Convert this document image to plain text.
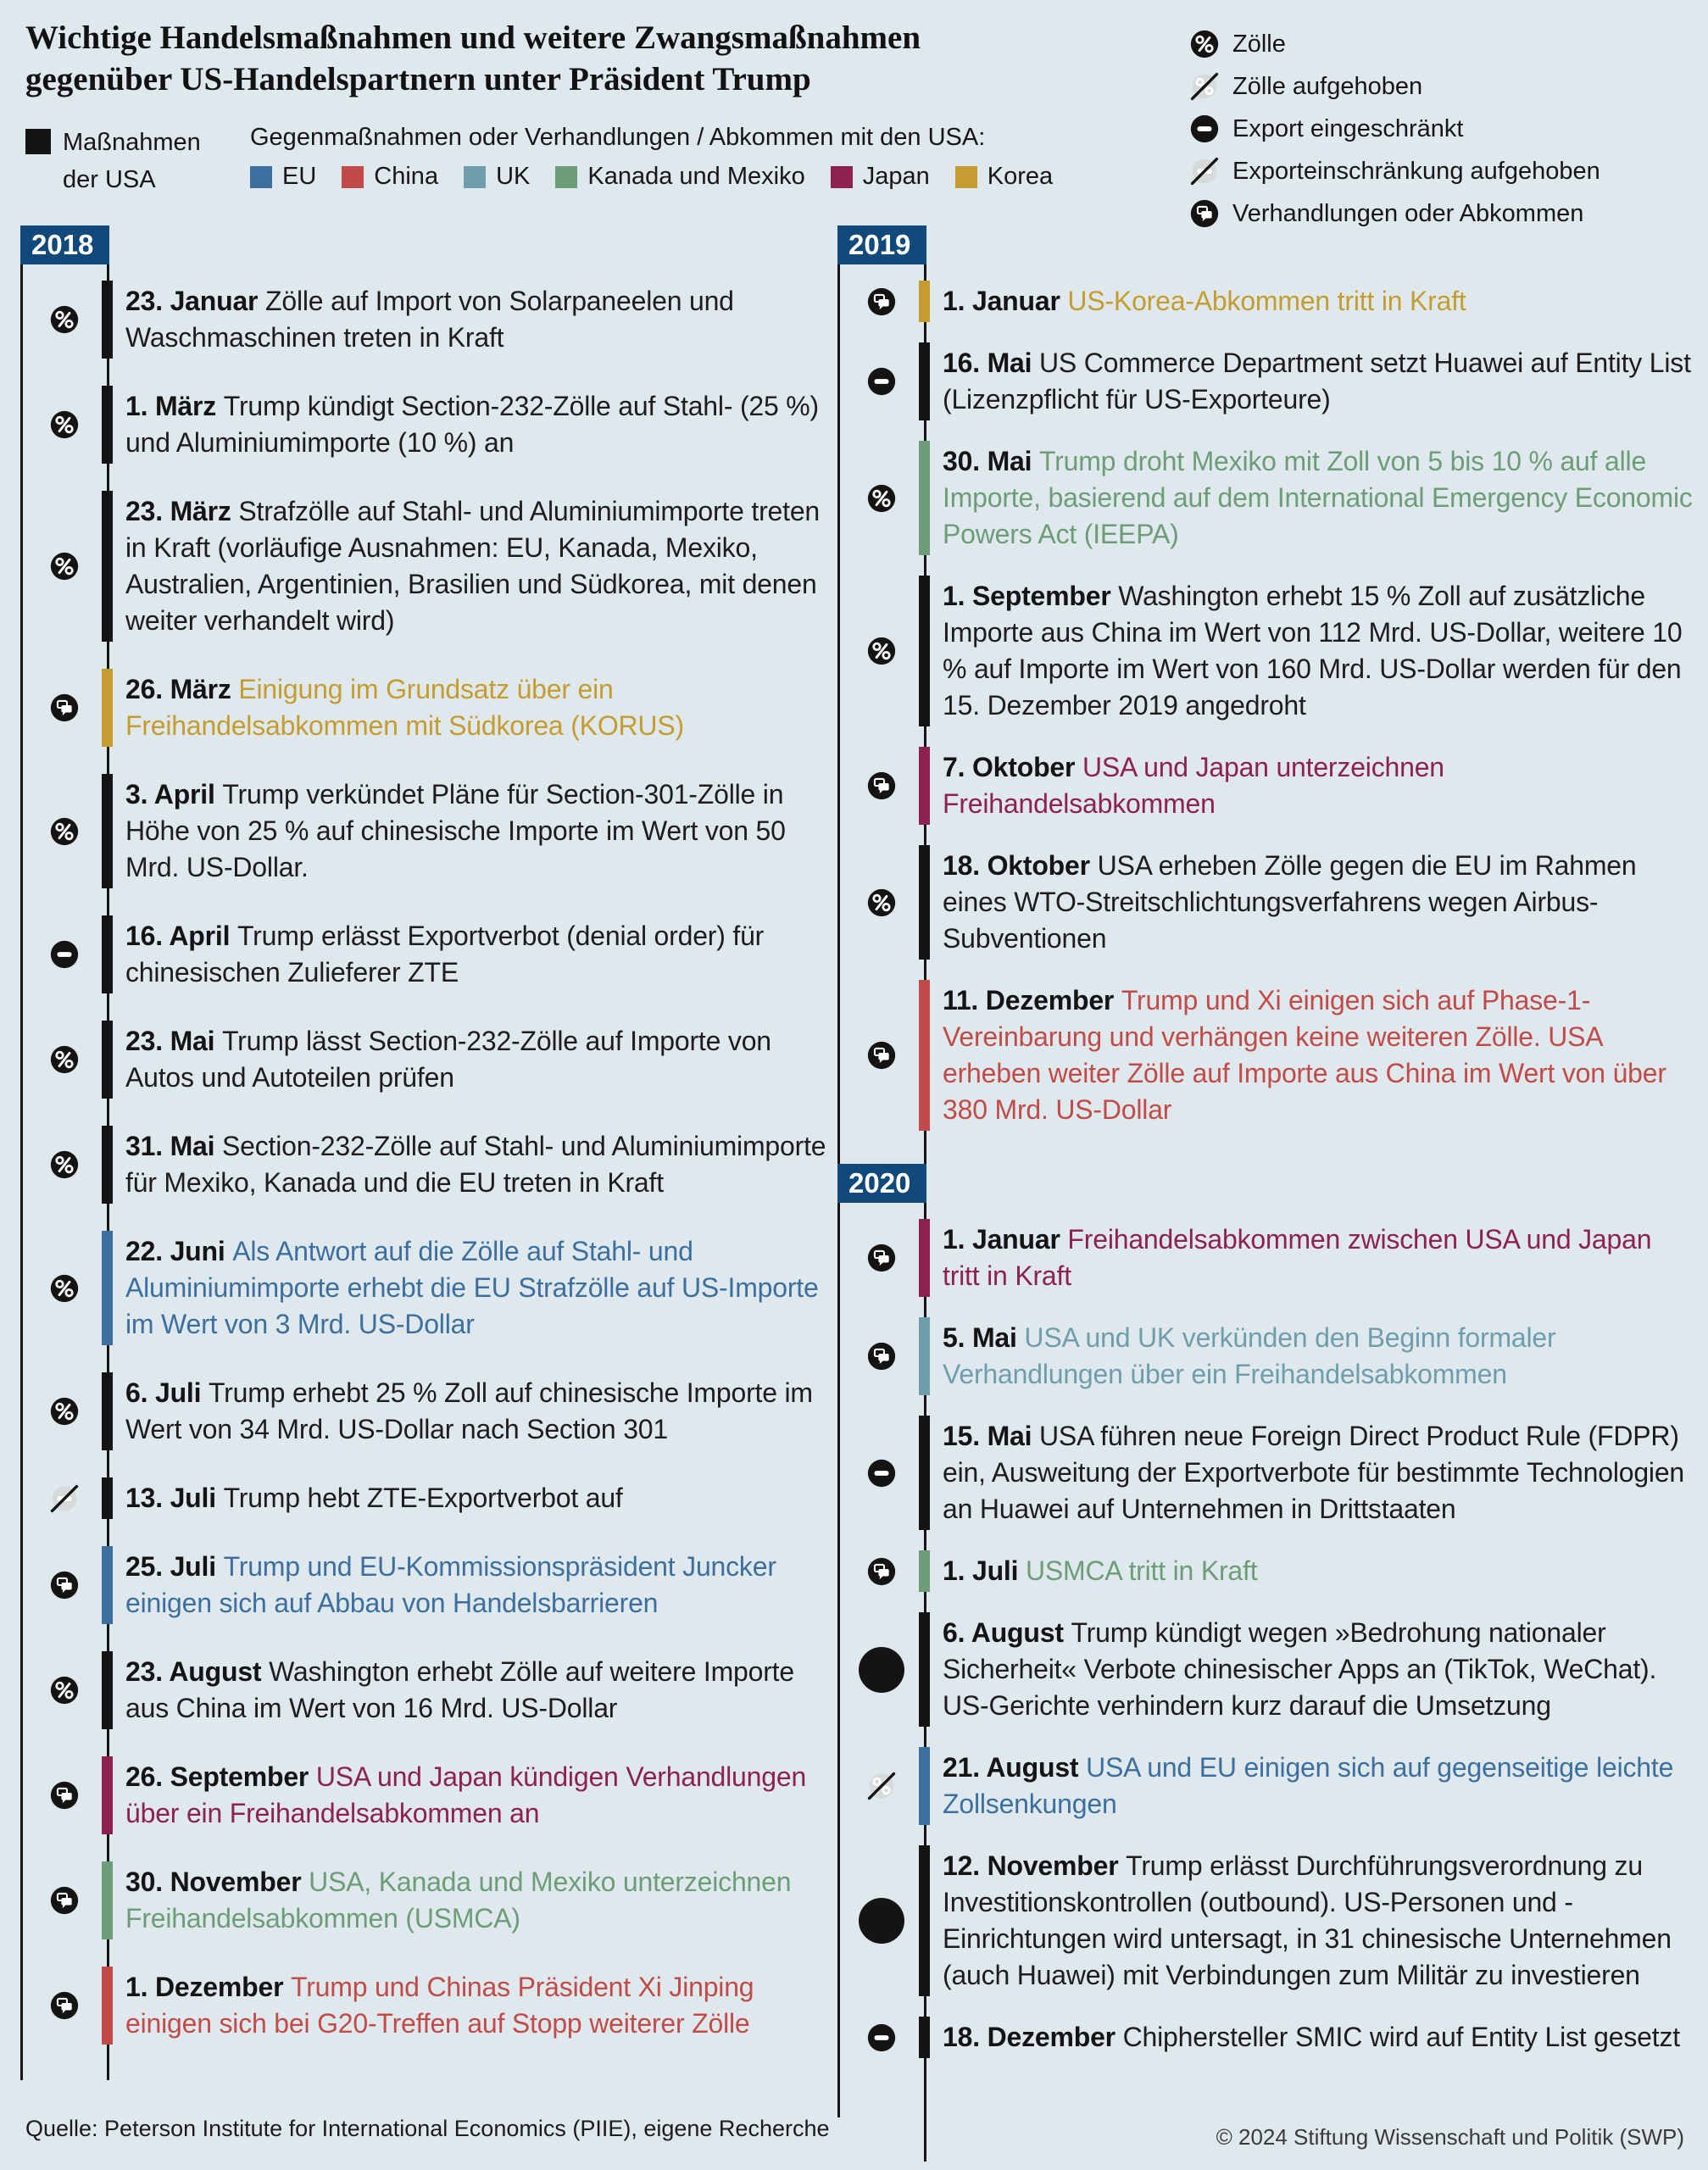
Wichtige Handelsmaßnahmen und weitere Zwangsmaßnahmen
gegenüber US-Handelspartnern unter Präsident Trump
Zölle
Zölle aufgehoben
Export eingeschränkt
Exporteinschränkung aufgehoben
Verhandlungen oder Abkommen
Maßnahmen
der USA
Gegenmaßnahmen oder Verhandlungen / Abkommen mit den USA:
EU China UK Kanada und Mexiko Japan Korea
2018
23. Januar Zölle auf Import von Solarpaneelen und Waschmaschinen treten in Kraft
1. März Trump kündigt Section-232-Zölle auf Stahl- (25 %) und Aluminiumimporte (10 %) an
23. März Strafzölle auf Stahl- und Aluminiumimporte treten in Kraft (vorläufige Ausnahmen: EU, Kanada, Mexiko, Australien, Argentinien, Brasilien und Südkorea, mit denen weiter verhandelt wird)
26. März Einigung im Grundsatz über ein Freihandelsabkommen mit Südkorea (KORUS)
3. April Trump verkündet Pläne für Section-301-Zölle in Höhe von 25 % auf chinesische Importe im Wert von 50 Mrd. US-Dollar.
16. April Trump erlässt Exportverbot (denial order) für chinesischen Zulieferer ZTE
23. Mai Trump lässt Section-232-Zölle auf Importe von Autos und Autoteilen prüfen
31. Mai Section-232-Zölle auf Stahl- und Aluminiumimporte für Mexiko, Kanada und die EU treten in Kraft
22. Juni Als Antwort auf die Zölle auf Stahl- und Aluminiumimporte erhebt die EU Strafzölle auf US-Importe im Wert von 3 Mrd. US-Dollar
6. Juli Trump erhebt 25 % Zoll auf chinesische Importe im Wert von 34 Mrd. US-Dollar nach Section 301
13. Juli Trump hebt ZTE-Exportverbot auf
25. Juli Trump und EU-Kommissionspräsident Juncker einigen sich auf Abbau von Handelsbarrieren
23. August Washington erhebt Zölle auf weitere Importe aus China im Wert von 16 Mrd. US-Dollar
26. September USA und Japan kündigen Verhandlungen über ein Freihandelsabkommen an
30. November USA, Kanada und Mexiko unterzeichnen Freihandelsabkommen (USMCA)
1. Dezember Trump und Chinas Präsident Xi Jinping einigen sich bei G20-Treffen auf Stopp weiterer Zölle
2019
1. Januar US-Korea-Abkommen tritt in Kraft
16. Mai US Commerce Department setzt Huawei auf Entity List (Lizenzpflicht für US-Exporteure)
30. Mai Trump droht Mexiko mit Zoll von 5 bis 10 % auf alle Importe, basierend auf dem International Emergency Economic Powers Act (IEEPA)
1. September Washington erhebt 15 % Zoll auf zusätzliche Importe aus China im Wert von 112 Mrd. US-Dollar, weitere 10 % auf Importe im Wert von 160 Mrd. US-Dollar werden für den 15. Dezember 2019 angedroht
7. Oktober USA und Japan unterzeichnen Freihandelsabkommen
18. Oktober USA erheben Zölle gegen die EU im Rahmen eines WTO-Streitschlichtungsverfahrens wegen Airbus-Subventionen
11. Dezember Trump und Xi einigen sich auf Phase-1-Vereinbarung und verhängen keine weiteren Zölle. USA erheben weiter Zölle auf Importe aus China im Wert von über 380 Mrd. US-Dollar
2020
1. Januar Freihandelsabkommen zwischen USA und Japan tritt in Kraft
5. Mai USA und UK verkünden den Beginn formaler Verhandlungen über ein Freihandelsabkommen
15. Mai USA führen neue Foreign Direct Product Rule (FDPR) ein, Ausweitung der Exportverbote für bestimmte Technologien an Huawei auf Unternehmen in Drittstaaten
1. Juli USMCA tritt in Kraft
6. August Trump kündigt wegen »Bedrohung nationaler Sicherheit« Verbote chinesischer Apps an (TikTok, WeChat). US-Gerichte verhindern kurz darauf die Umsetzung
21. August USA und EU einigen sich auf gegenseitige leichte Zollsenkungen
12. November Trump erlässt Durchführungsverordnung zu Investitionskontrollen (outbound). US-Personen und -Einrichtungen wird untersagt, in 31 chinesische Unternehmen (auch Huawei) mit Verbindungen zum Militär zu investieren
18. Dezember Chiphersteller SMIC wird auf Entity List gesetzt
Quelle: Peterson Institute for International Economics (PIIE), eigene Recherche	© 2024 Stiftung Wissenschaft und Politik (SWP)
